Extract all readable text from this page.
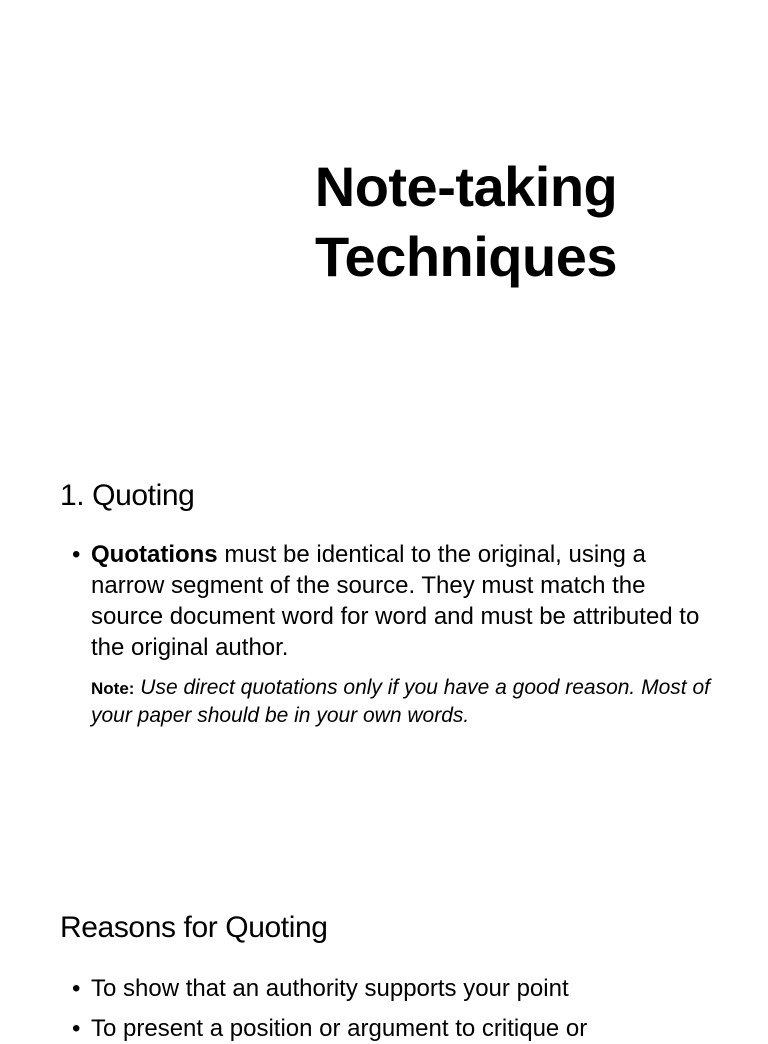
Note-taking
Techniques
1. Quoting
• Quotations must be identical to the original, using a narrow segment of the source. They must match the source document word for word and must be attributed to the original author.
Note: Use direct quotations only if you have a good reason. Most of your paper should be in your own words.
Reasons for Quoting
• To show that an authority supports your point
• To present a position or argument to critique or
